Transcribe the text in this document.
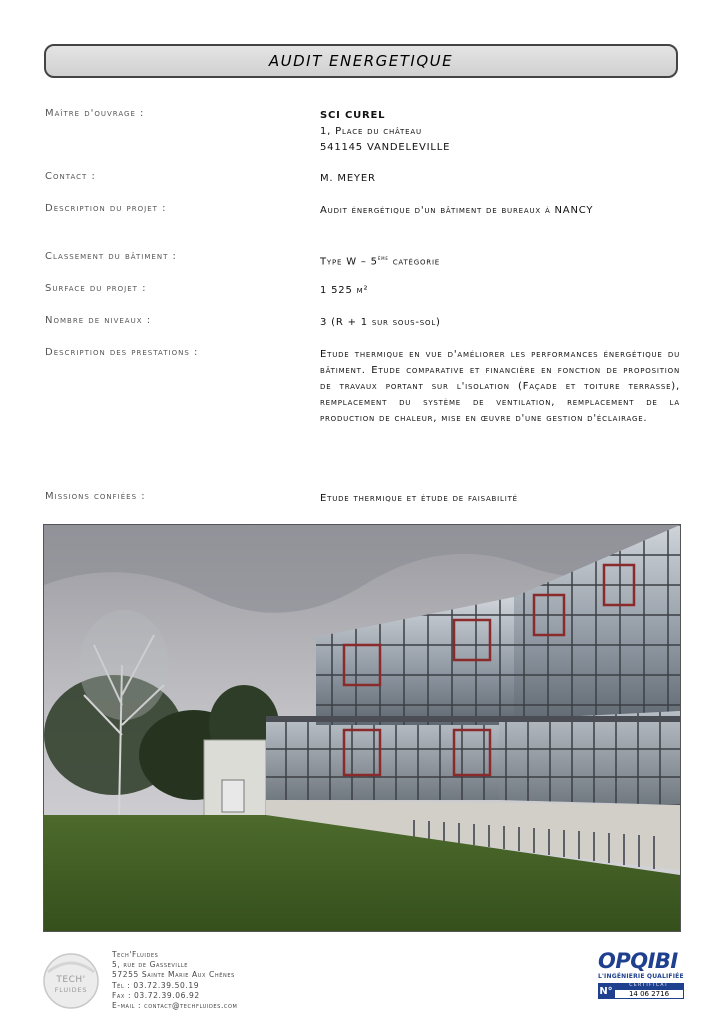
AUDIT ENERGETIQUE
Maître d'ouvrage :	SCI CUREL
1, Place du château
541145 VANDELEVILLE
Contact :	M. MEYER
Description du projet :	Audit énergétique d'un bâtiment de bureaux à NANCY
Classement du bâtiment :	Type W – 5ème catégorie
Surface du projet :	1 525 m²
Nombre de niveaux :	3 (R + 1 sur sous-sol)
Description des prestations :	Etude thermique en vue d'améliorer les performances énergétique du bâtiment. Etude comparative et financière en fonction de proposition de travaux portant sur l'isolation (Façade et toiture terrasse), remplacement du système de ventilation, remplacement de la production de chaleur, mise en œuvre d'une gestion d'éclairage.
Missions confiées :	Etude thermique et étude de faisabilité
TECH'
FLUIDES
Tech'Fluides
5, rue de Gasseville
57255 Sainte Marie Aux Chênes
Tél : 03.72.39.50.19
Fax : 03.72.39.06.92
E-mail : contact@techfluides.com
OPQIBI
L'INGÉNIERIE QUALIFIÉE
N°	CERTIFICAT
14 06 2716
